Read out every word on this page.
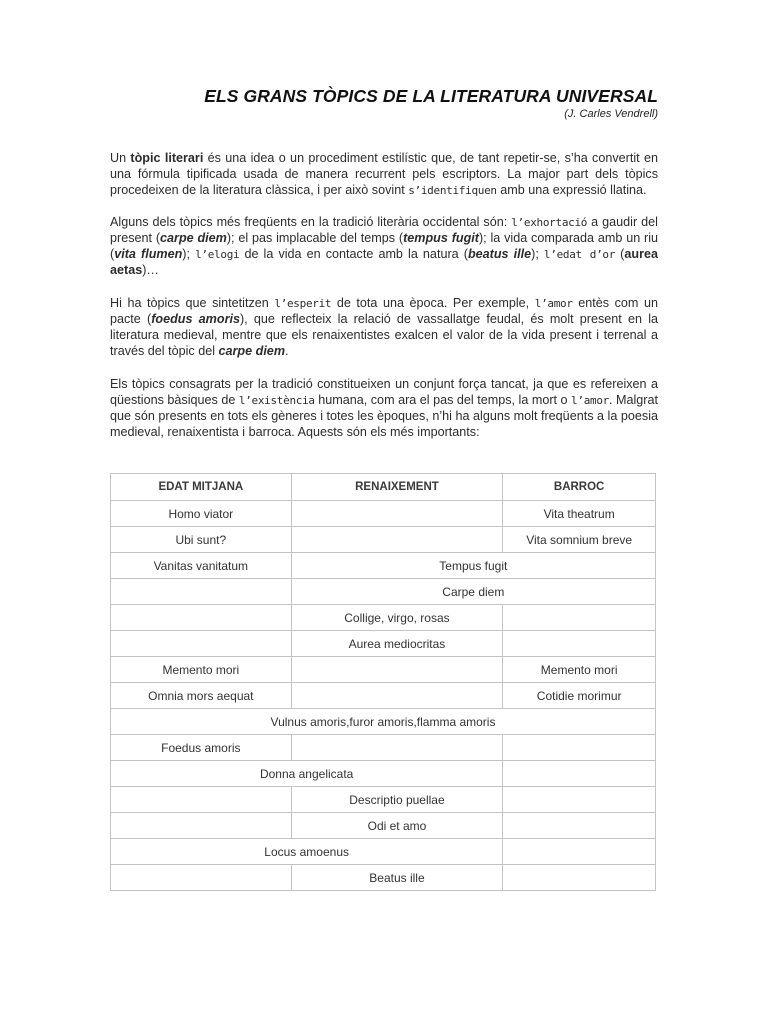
ELS GRANS TÒPICS DE LA LITERATURA UNIVERSAL
(J. Carles Vendrell)

Un tòpic literari és una idea o un procediment estilístic que, de tant repetir-se, s’ha convertit en una fórmula tipificada usada de manera recurrent pels escriptors. La major part dels tòpics procedeixen de la literatura clàssica, i per això sovint s’identifiquen amb una expressió llatina.

Alguns dels tòpics més freqüents en la tradició literària occidental són: l’exhortació a gaudir del present (carpe diem); el pas implacable del temps (tempus fugit); la vida comparada amb un riu (vita flumen); l’elogi de la vida en contacte amb la natura (beatus ille); l’edat d’or (aurea aetas)…

Hi ha tòpics que sintetitzen l’esperit de tota una època. Per exemple, l’amor entès com un pacte (foedus amoris), que reflecteix la relació de vassallatge feudal, és molt present en la literatura medieval, mentre que els renaixentistes exalcen el valor de la vida present i terrenal a través del tòpic del carpe diem.

Els tòpics consagrats per la tradició constitueixen un conjunt força tancat, ja que es refereixen a qüestions bàsiques de l’existència humana, com ara el pas del temps, la mort o l’amor. Malgrat que són presents en tots els gèneres i totes les èpoques, n’hi ha alguns molt freqüents a la poesia medieval, renaixentista i barroca. Aquests són els més importants:

EDAT MITJANA	RENAIXEMENT	BARROC
Homo viator		Vita theatrum
Ubi sunt?		Vita somnium breve
Vanitas vanitatum	Tempus fugit	
	Carpe diem	
	Collige, virgo, rosas	
	Aurea mediocritas	
Memento mori		Memento mori
Omnia mors aequat		Cotidie morimur
Vulnus amoris,furor amoris,flamma amoris		
Foedus amoris		
Donna angelicata		
	Descriptio puellae	
	Odi et amo	
Locus amoenus		
	Beatus ille	
